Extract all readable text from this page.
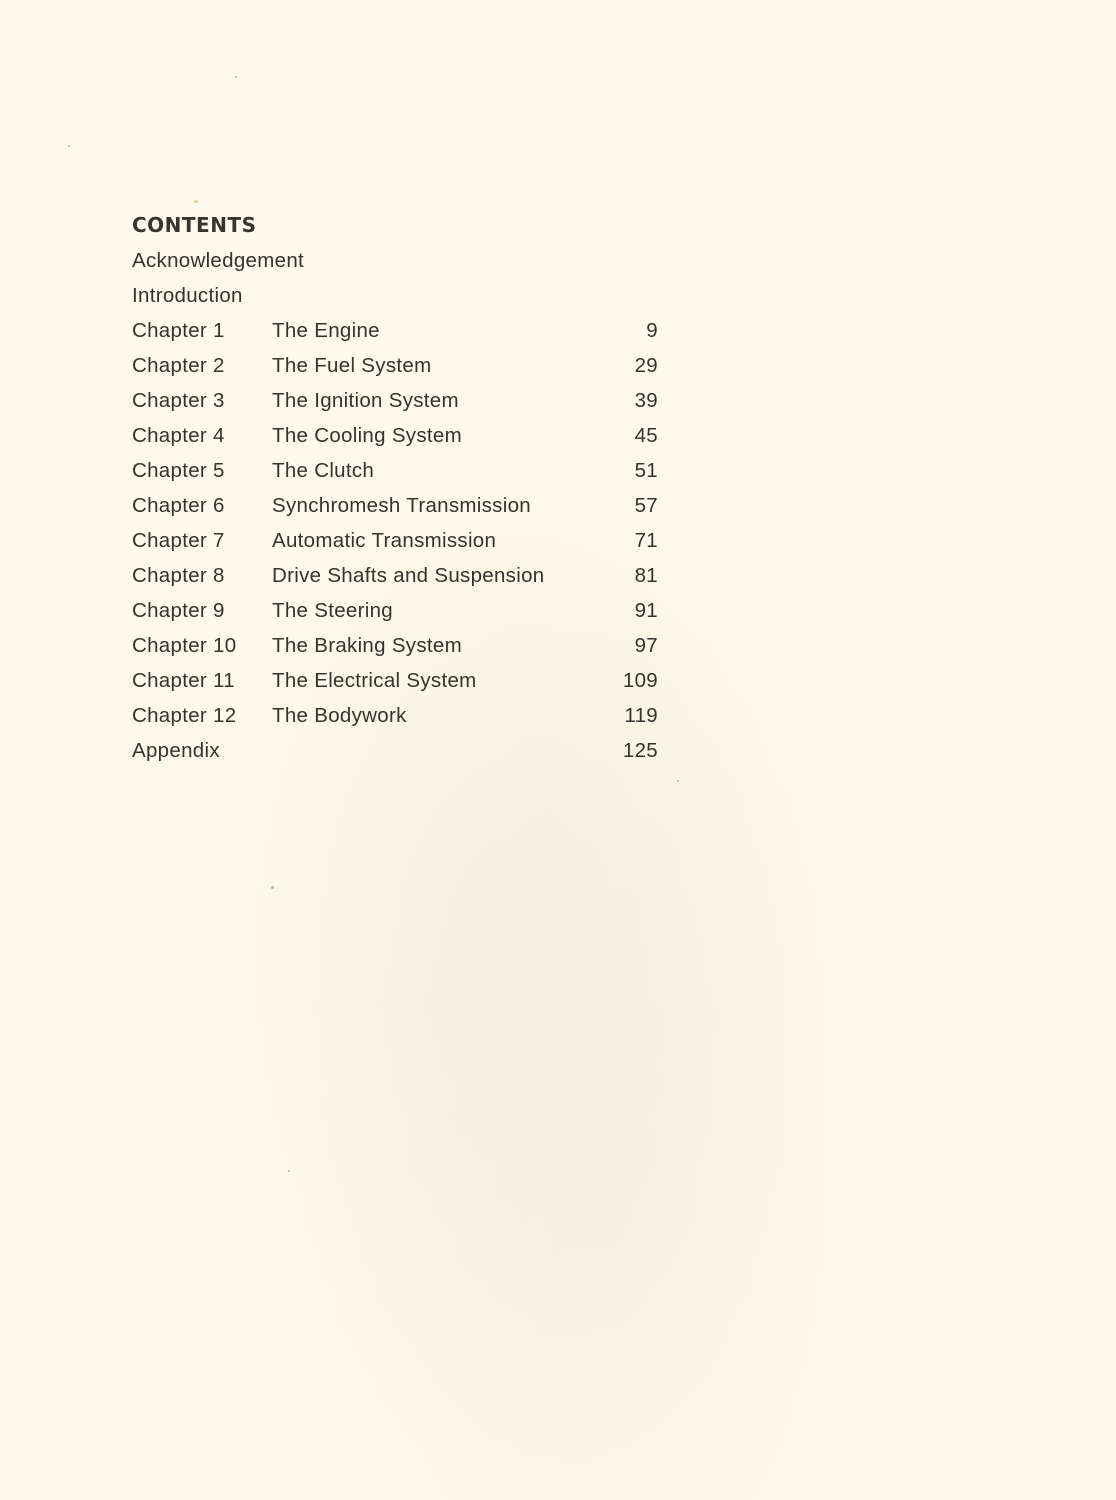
CONTENTS
Acknowledgement
Introduction
Chapter 1 The Engine	9
Chapter 2 The Fuel System	29
Chapter 3 The Ignition System	39
Chapter 4 The Cooling System	45
Chapter 5 The Clutch	51
Chapter 6 Synchromesh Transmission	57
Chapter 7 Automatic Transmission	71
Chapter 8 Drive Shafts and Suspension	81
Chapter 9 The Steering	91
Chapter 10 The Braking System	97
Chapter 11 The Electrical System	109
Chapter 12 The Bodywork	119
Appendix	125
